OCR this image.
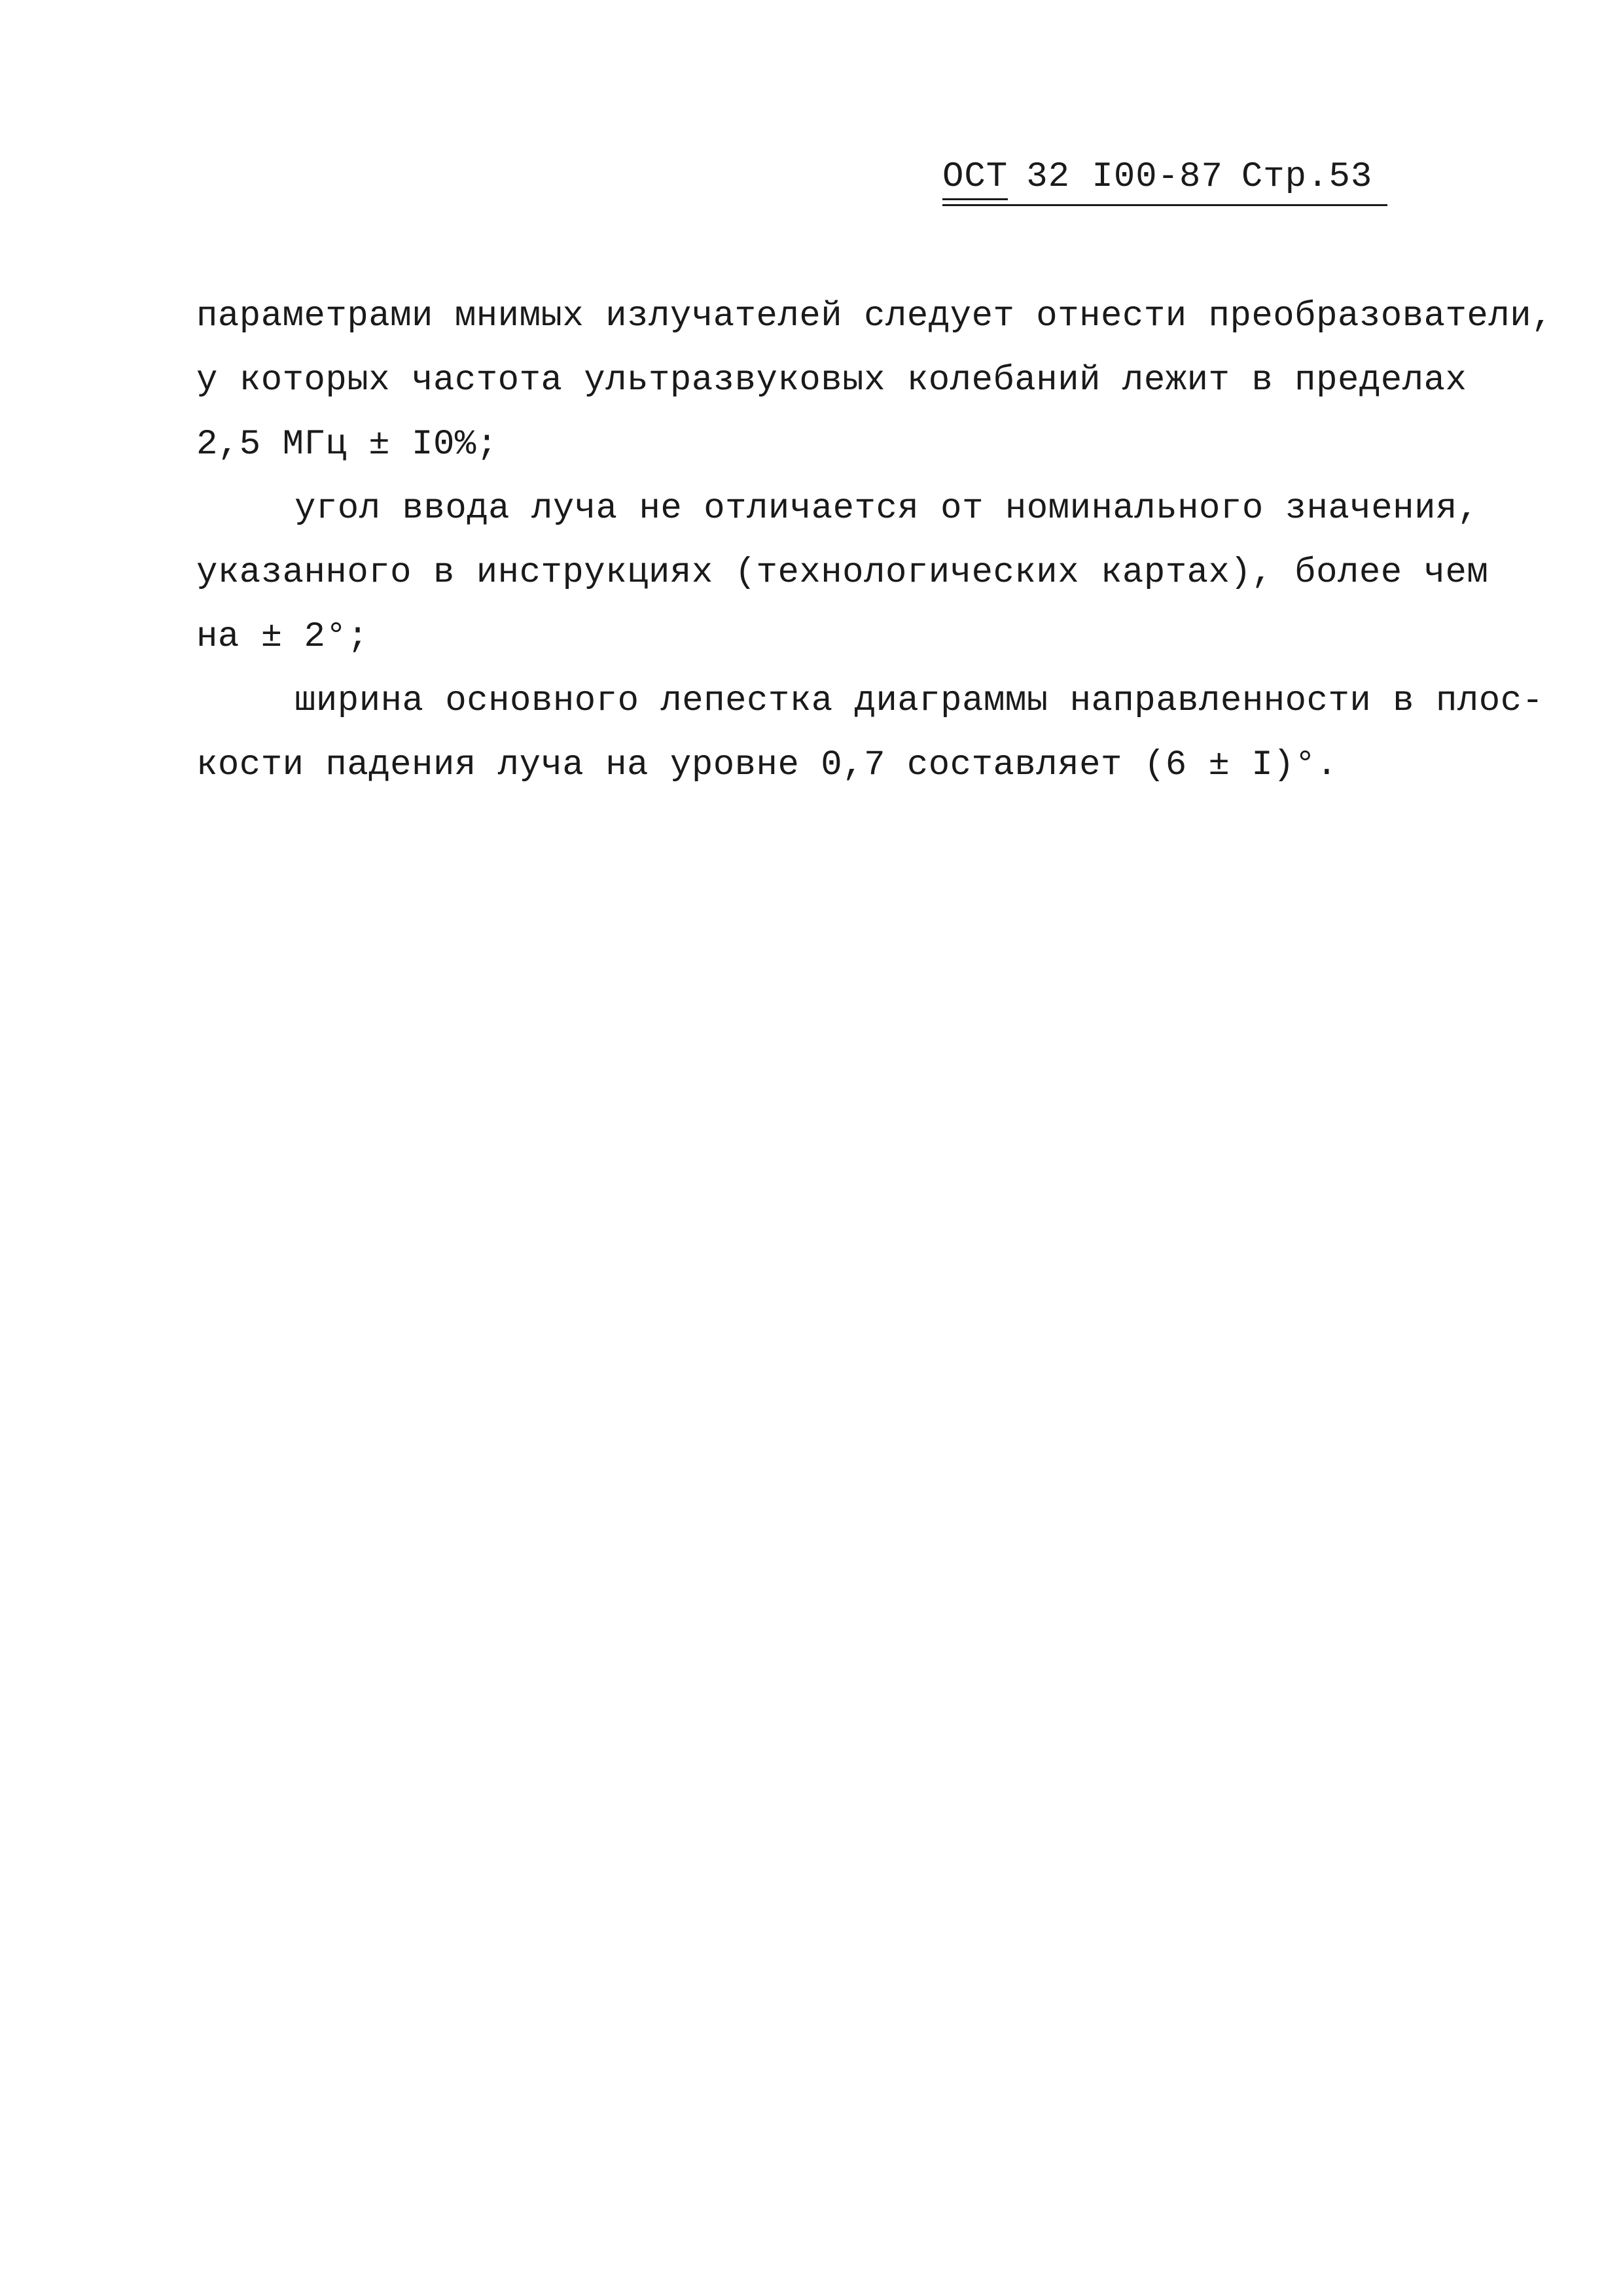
ОСТ 32 I00-87 Стр.53
параметрами мнимых излучателей следует отнести преобразователи,
у которых частота ультразвуковых колебаний лежит в пределах
2,5 МГц ± I0%;
угол ввода луча не отличается от номинального значения,
указанного в инструкциях (технологических картах), более чем
на ± 2°;
ширина основного лепестка диаграммы направленности в плос-
кости падения луча на уровне 0,7 составляет (6 ± I)°.
